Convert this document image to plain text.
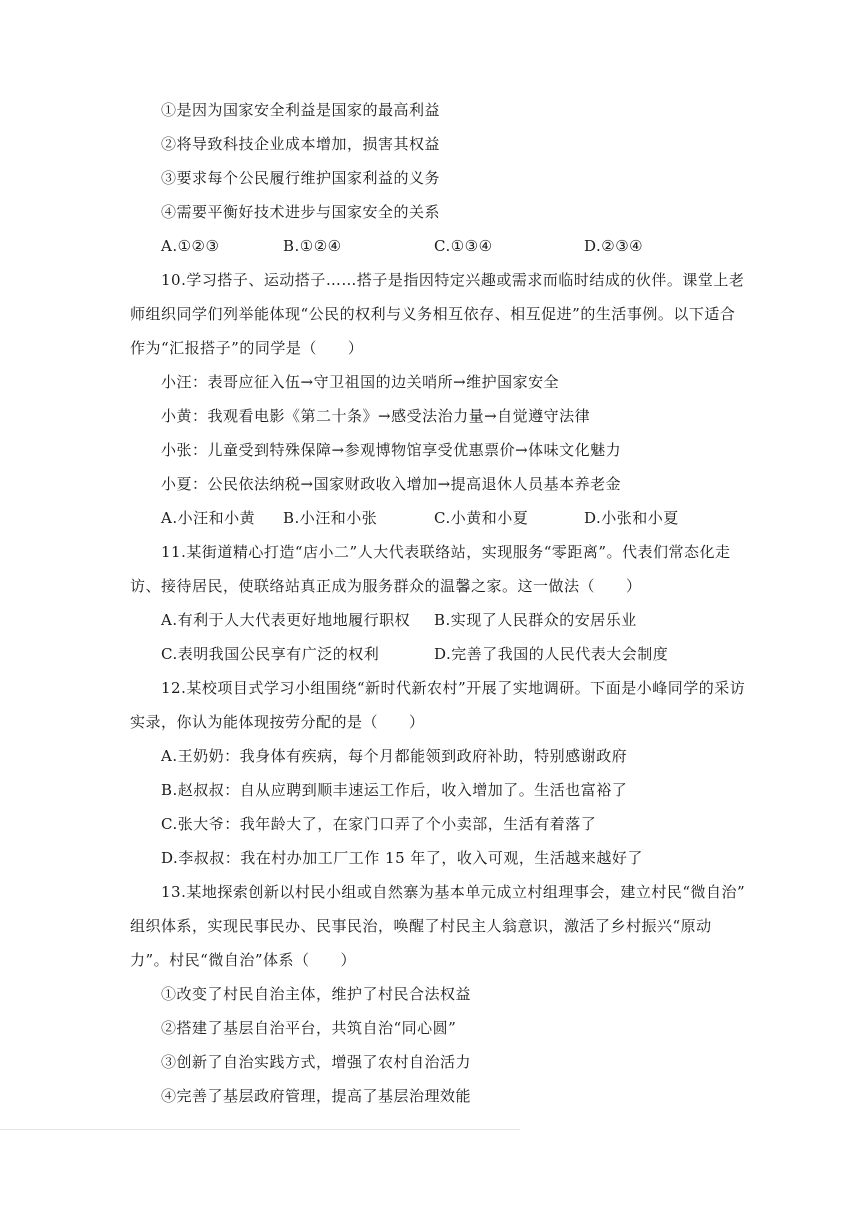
①是因为国家安全利益是国家的最高利益
②将导致科技企业成本增加，损害其权益
③要求每个公民履行维护国家利益的义务
④需要平衡好技术进步与国家安全的关系
A.①②③	B.①②④	C.①③④	D.②③④
10.学习搭子、运动搭子……搭子是指因特定兴趣或需求而临时结成的伙伴。课堂上老
师组织同学们列举能体现“公民的权利与义务相互依存、相互促进”的生活事例。以下适合
作为“汇报搭子”的同学是（　　）
小汪：表哥应征入伍→守卫祖国的边关哨所→维护国家安全
小黄：我观看电影《第二十条》→感受法治力量→自觉遵守法律
小张：儿童受到特殊保障→参观博物馆享受优惠票价→体味文化魅力
小夏：公民依法纳税→国家财政收入增加→提高退休人员基本养老金
A.小汪和小黄 B.小汪和小张	C.小黄和小夏	D.小张和小夏
11.某街道精心打造“店小二”人大代表联络站，实现服务“零距离”。代表们常态化走
访、接待居民，使联络站真正成为服务群众的温馨之家。这一做法（　　）
A.有利于人大代表更好地地履行职权 B.实现了人民群众的安居乐业
C.表明我国公民享有广泛的权利	D.完善了我国的人民代表大会制度
12.某校项目式学习小组围绕“新时代新农村”开展了实地调研。下面是小峰同学的采访
实录，你认为能体现按劳分配的是（　　）
A.王奶奶：我身体有疾病，每个月都能领到政府补助，特别感谢政府
B.赵叔叔：自从应聘到顺丰速运工作后，收入增加了。生活也富裕了
C.张大爷：我年龄大了，在家门口弄了个小卖部，生活有着落了
D.李叔叔：我在村办加工厂工作 15 年了，收入可观，生活越来越好了
13.某地探索创新以村民小组或自然寨为基本单元成立村组理事会，建立村民“微自治”
组织体系，实现民事民办、民事民治，唤醒了村民主人翁意识，激活了乡村振兴“原动
力”。村民“微自治”体系（　　）
①改变了村民自治主体，维护了村民合法权益
②搭建了基层自治平台，共筑自治“同心圆”
③创新了自治实践方式，增强了农村自治活力
④完善了基层政府管理，提高了基层治理效能
